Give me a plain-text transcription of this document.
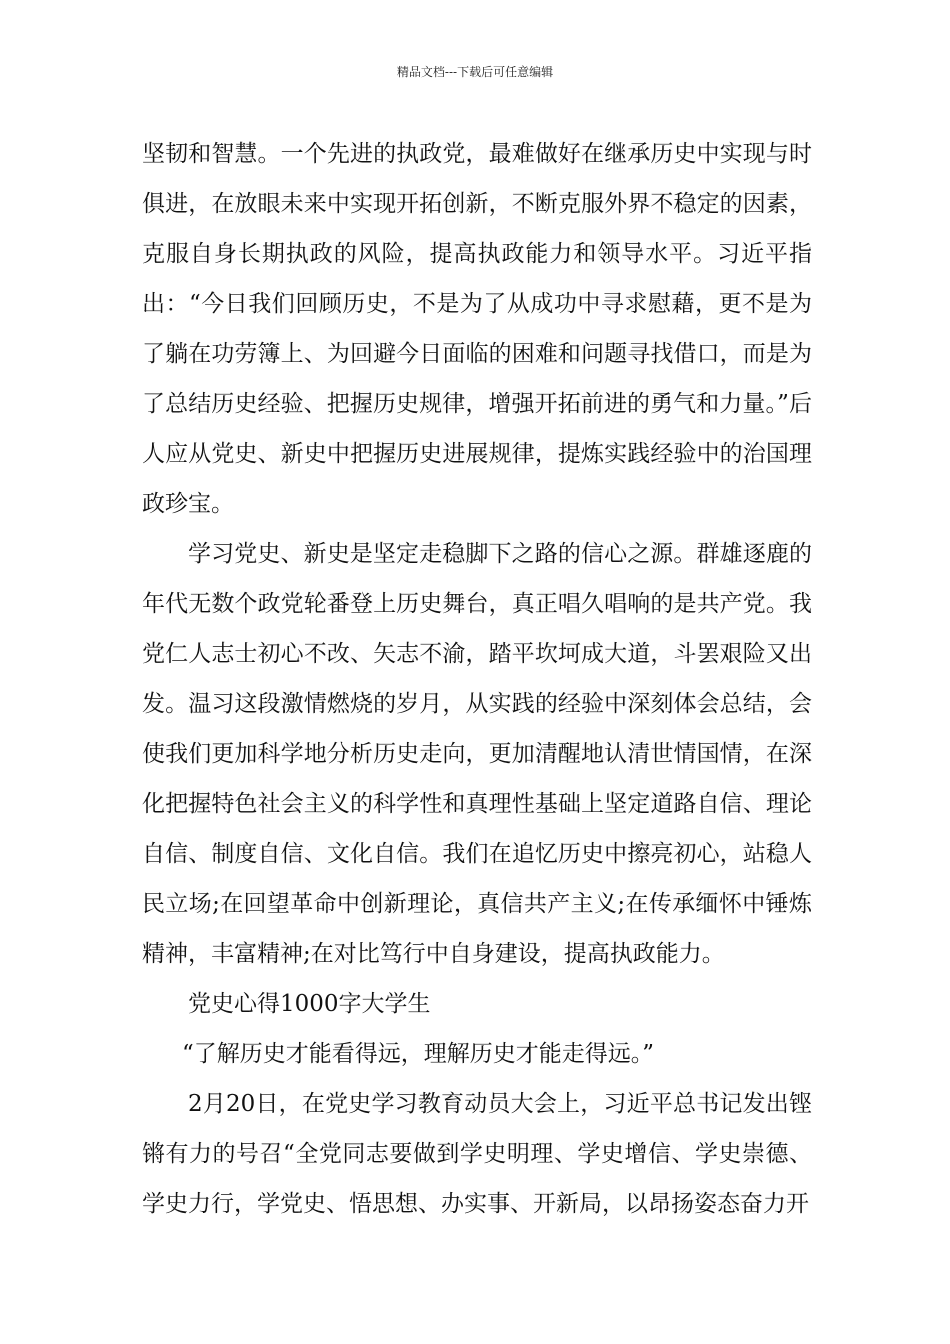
精品文档---下载后可任意编辑

坚韧和智慧。一个先进的执政党，最难做好在继承历史中实现与时俱进，在放眼未来中实现开拓创新，不断克服外界不稳定的因素，克服自身长期执政的风险，提高执政能力和领导水平。习近平指出：“今日我们回顾历史，不是为了从成功中寻求慰藉，更不是为了躺在功劳簿上、为回避今日面临的困难和问题寻找借口，而是为了总结历史经验、把握历史规律，增强开拓前进的勇气和力量。”后人应从党史、新史中把握历史进展规律，提炼实践经验中的治国理政珍宝。

学习党史、新史是坚定走稳脚下之路的信心之源。群雄逐鹿的年代无数个政党轮番登上历史舞台，真正唱久唱响的是共产党。我党仁人志士初心不改、矢志不渝，踏平坎坷成大道，斗罢艰险又出发。温习这段激情燃烧的岁月，从实践的经验中深刻体会总结，会使我们更加科学地分析历史走向，更加清醒地认清世情国情，在深化把握特色社会主义的科学性和真理性基础上坚定道路自信、理论自信、制度自信、文化自信。我们在追忆历史中擦亮初心，站稳人民立场;在回望革命中创新理论，真信共产主义;在传承缅怀中锤炼精神，丰富精神;在对比笃行中自身建设，提高执政能力。

党史心得1000字大学生

“了解历史才能看得远，理解历史才能走得远。”

2月20日，在党史学习教育动员大会上，习近平总书记发出铿锵有力的号召“全党同志要做到学史明理、学史增信、学史崇德、学史力行，学党史、悟思想、办实事、开新局，以昂扬姿态奋力开
